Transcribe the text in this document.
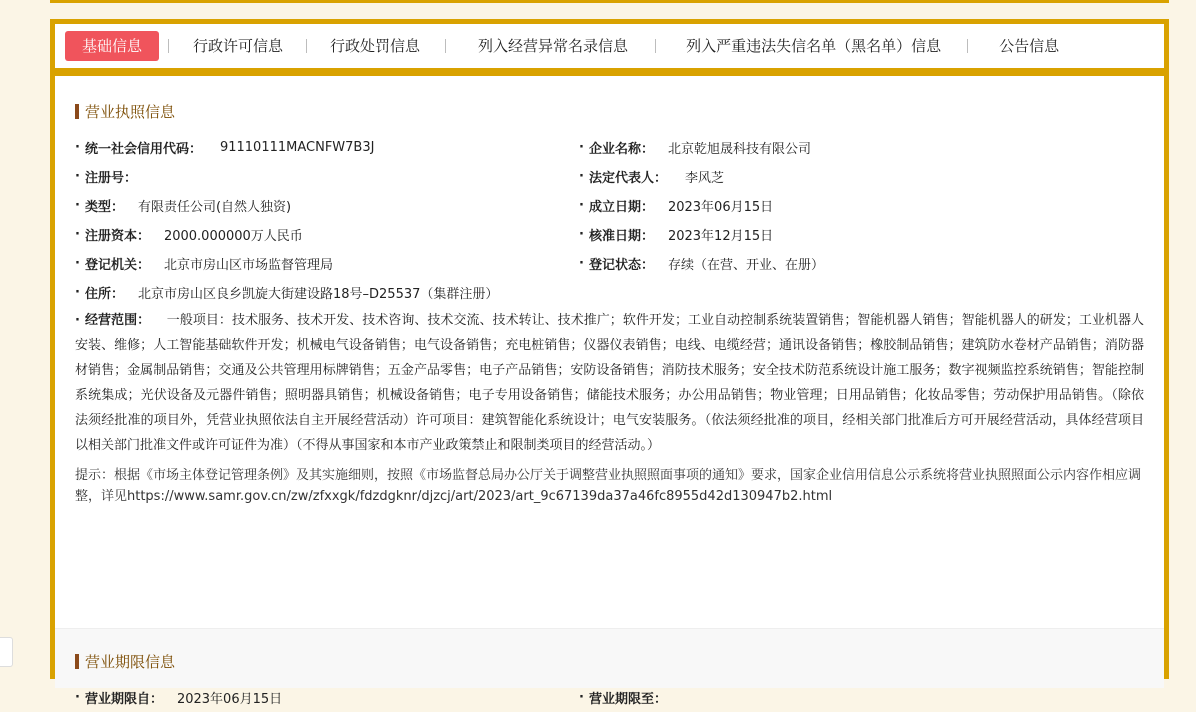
基础信息	行政许可信息	行政处罚信息	列入经营异常名录信息	列入严重违法失信名单（黑名单）信息	公告信息
营业执照信息
· 统一社会信用代码： 91110111MACNFW7B3J	· 企业名称： 北京乾旭晟科技有限公司
· 注册号：	· 法定代表人： 李风芝
· 类型： 有限责任公司(自然人独资)	· 成立日期： 2023年06月15日
· 注册资本： 2000.000000万人民币	· 核准日期： 2023年12月15日
· 登记机关： 北京市房山区市场监督管理局	· 登记状态： 存续（在营、开业、在册）
· 住所： 北京市房山区良乡凯旋大街建设路18号–D25537（集群注册）
· 经营范围： 一般项目：技术服务、技术开发、技术咨询、技术交流、技术转让、技术推广；软件开发；工业自动控制系统装置销售；智能机器人销售；智能机器人的研发；工业机器人安装、维修；人工智能基础软件开发；机械电气设备销售；电气设备销售；充电桩销售；仪器仪表销售；电线、电缆经营；通讯设备销售；橡胶制品销售；建筑防水卷材产品销售；消防器材销售；金属制品销售；交通及公共管理用标牌销售；五金产品零售；电子产品销售；安防设备销售；消防技术服务；安全技术防范系统设计施工服务；数字视频监控系统销售；智能控制系统集成；光伏设备及元器件销售；照明器具销售；机械设备销售；电子专用设备销售；储能技术服务；办公用品销售；物业管理；日用品销售；化妆品零售；劳动保护用品销售。（除依法须经批准的项目外，凭营业执照依法自主开展经营活动）许可项目：建筑智能化系统设计；电气安装服务。（依法须经批准的项目，经相关部门批准后方可开展经营活动，具体经营项目以相关部门批准文件或许可证件为准）（不得从事国家和本市产业政策禁止和限制类项目的经营活动。）
提示：根据《市场主体登记管理条例》及其实施细则，按照《市场监督总局办公厅关于调整营业执照照面事项的通知》要求，国家企业信用信息公示系统将营业执照照面公示内容作相应调整，详见https://www.samr.gov.cn/zw/zfxxgk/fdzdgknr/djzcj/art/2023/art_9c67139da37a46fc8955d42d130947b2.html
营业期限信息
· 营业期限自： 2023年06月15日	· 营业期限至：
